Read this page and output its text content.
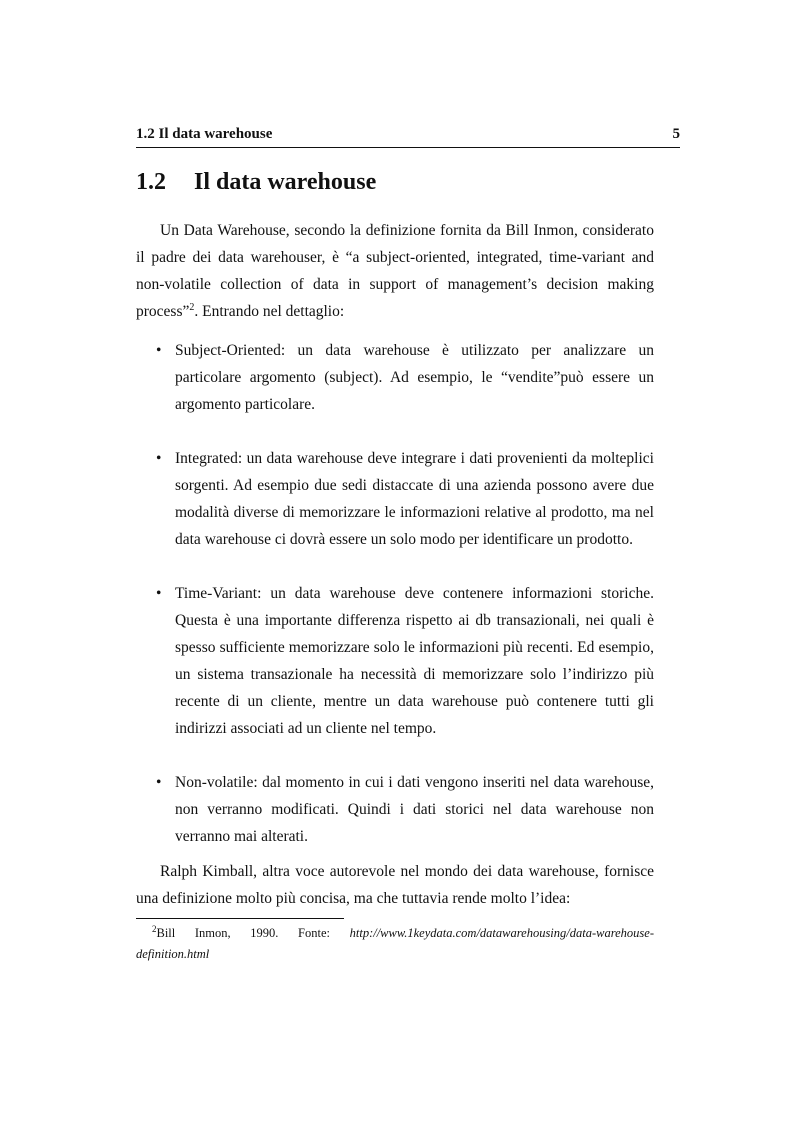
1.2 Il data warehouse	5
1.2 Il data warehouse

Un Data Warehouse, secondo la definizione fornita da Bill Inmon, considerato il padre dei data warehouser, è “a subject-oriented, integrated, time-variant and non-volatile collection of data in support of management’s decision making process”$^2$. Entrando nel dettaglio:

• Subject-Oriented: un data warehouse è utilizzato per analizzare un particolare argomento (subject). Ad esempio, le “vendite”può essere un argomento particolare.
• Integrated: un data warehouse deve integrare i dati provenienti da molteplici sorgenti. Ad esempio due sedi distaccate di una azienda possono avere due modalità diverse di memorizzare le informazioni relative al prodotto, ma nel data warehouse ci dovrà essere un solo modo per identificare un prodotto.
• Time-Variant: un data warehouse deve contenere informazioni storiche. Questa è una importante differenza rispetto ai db transazionali, nei quali è spesso sufficiente memorizzare solo le informazioni più recenti. Ed esempio, un sistema transazionale ha necessità di memorizzare solo l’indirizzo più recente di un cliente, mentre un data warehouse può contenere tutti gli indirizzi associati ad un cliente nel tempo.
• Non-volatile: dal momento in cui i dati vengono inseriti nel data warehouse, non verranno modificati. Quindi i dati storici nel data warehouse non verranno mai alterati.

Ralph Kimball, altra voce autorevole nel mondo dei data warehouse, fornisce una definizione molto più concisa, ma che tuttavia rende molto l’idea:

$^2$Bill Inmon, 1990. Fonte: http://www.1keydata.com/datawarehousing/data-warehouse-definition.html
